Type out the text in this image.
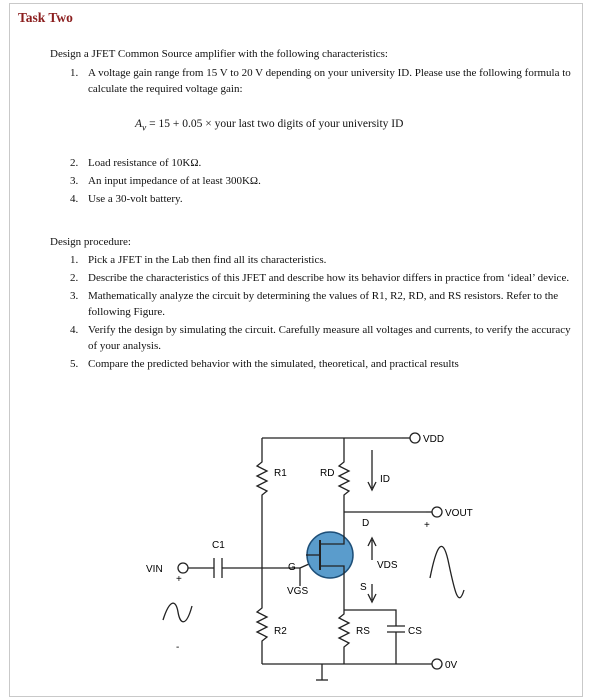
Task Two
Design a JFET Common Source amplifier with the following characteristics:
1. A voltage gain range from 15 V to 20 V depending on your university ID. Please use the following formula to calculate the required voltage gain:
$A_v = 15 + 0.05$ × your last two digits of your university ID
2. Load resistance of 10KΩ.
3. An input impedance of at least 300KΩ.
4. Use a 30-volt battery.
Design procedure:
1. Pick a JFET in the Lab then find all its characteristics.
2. Describe the characteristics of this JFET and describe how its behavior differs in practice from ‘ideal’ device.
3. Mathematically analyze the circuit by determining the values of R1, R2, RD, and RS resistors. Refer to the following Figure.
4. Verify the design by simulating the circuit. Carefully measure all voltages and currents, to verify the accuracy of your analysis.
5. Compare the predicted behavior with the simulated, theoretical, and practical results
VDD
R1	RD
ID
VOUT
+
C1
VIN
+
-
G
D
S
VGS
VDS
R2	RS	CS
0V
